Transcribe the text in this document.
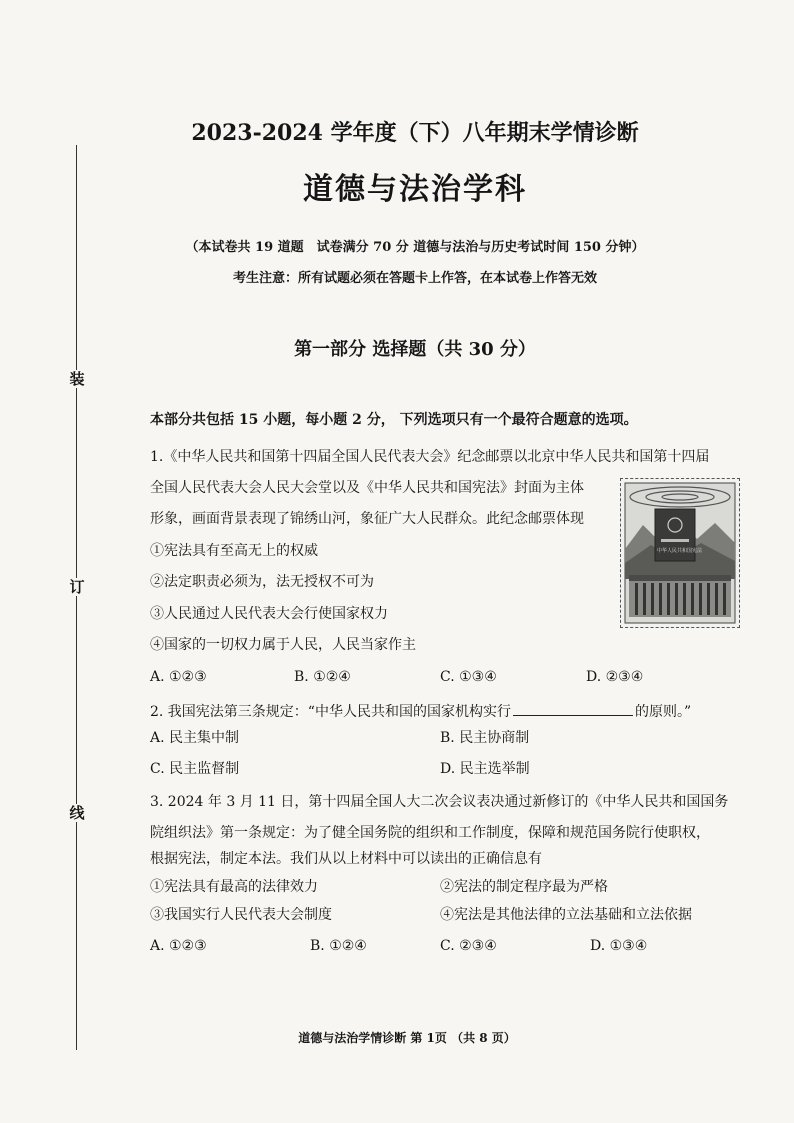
装
订
线
2023-2024 学年度（下）八年期末学情诊断
道德与法治学科
（本试卷共 19 道题　试卷满分 70 分 道德与法治与历史考试时间 150 分钟）
考生注意：所有试题必须在答题卡上作答，在本试卷上作答无效
第一部分 选择题（共 30 分）
本部分共包括 15 小题，每小题 2 分， 下列选项只有一个最符合题意的选项。
1.《中华人民共和国第十四届全国人民代表大会》纪念邮票以北京中华人民共和国第十四届
全国人民代表大会人民大会堂以及《中华人民共和国宪法》封面为主体
形象，画面背景表现了锦绣山河，象征广大人民群众。此纪念邮票体现
①宪法具有至高无上的权威
②法定职责必须为，法无授权不可为
③人民通过人民代表大会行使国家权力
④国家的一切权力属于人民，人民当家作主
A. ①②③	B. ①②④	C. ①③④	D. ②③④
中华人民共和国宪法
2. 我国宪法第三条规定：“中华人民共和国的国家机构实行	的原则。”
A. 民主集中制	B. 民主协商制
C. 民主监督制	D. 民主选举制
3. 2024 年 3 月 11 日，第十四届全国人大二次会议表决通过新修订的《中华人民共和国国务
院组织法》第一条规定：为了健全国务院的组织和工作制度，保障和规范国务院行使职权，
根据宪法，制定本法。我们从以上材料中可以读出的正确信息有
①宪法具有最高的法律效力	②宪法的制定程序最为严格
③我国实行人民代表大会制度	④宪法是其他法律的立法基础和立法依据
A. ①②③	B. ①②④	C. ②③④	D. ①③④
道德与法治学情诊断 第 1页 （共 8 页）
